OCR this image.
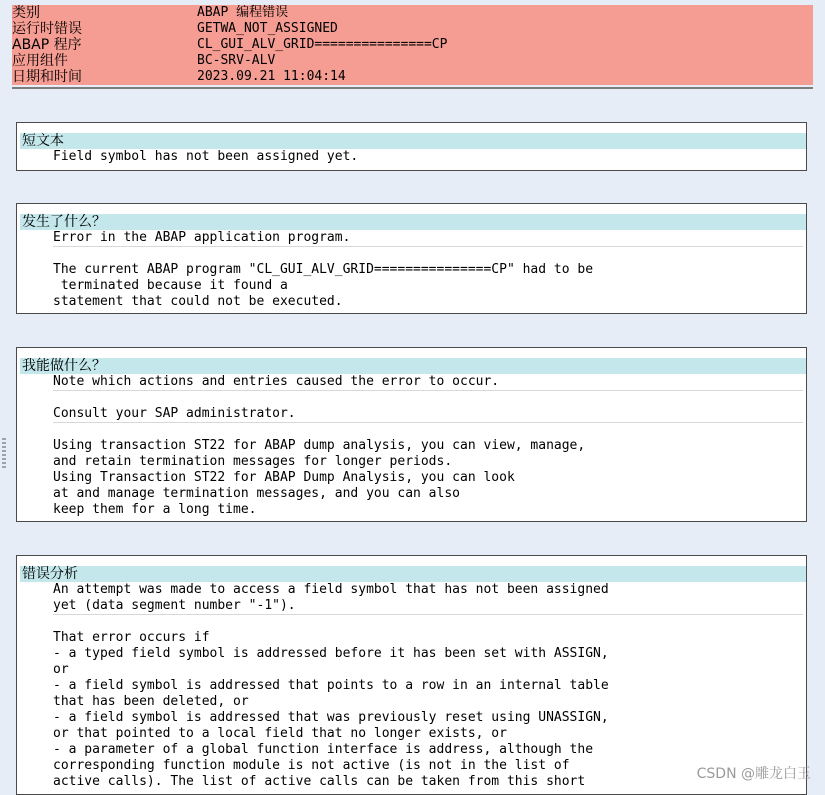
类别

	ABAP 编程错误

运行时错误

	GETWA_NOT_ASSIGNED

ABAP 程序

	CL_GUI_ALV_GRID===============CP

应用组件

	BC-SRV-ALV

日期和时间

	2023.09.21 11:04:14

短文本
Field symbol has not been assigned yet.
发生了什么？
Error in the ABAP application program.
The current ABAP program "CL_GUI_ALV_GRID===============CP" had to be
terminated because it found a
statement that could not be executed.
我能做什么？
Note which actions and entries caused the error to occur.
Consult your SAP administrator.
Using transaction ST22 for ABAP dump analysis, you can view, manage,
and retain termination messages for longer periods.
Using Transaction ST22 for ABAP Dump Analysis, you can look
at and manage termination messages, and you can also
keep them for a long time.
错误分析
An attempt was made to access a field symbol that has not been assigned
yet (data segment number "-1").
That error occurs if
- a typed field symbol is addressed before it has been set with ASSIGN,
or
- a field symbol is addressed that points to a row in an internal table
that has been deleted, or
- a field symbol is addressed that was previously reset using UNASSIGN,
or that pointed to a local field that no longer exists, or
- a parameter of a global function interface is address, although the
corresponding function module is not active (is not in the list of
active calls). The list of active calls can be taken from this short	CSDN @雕龙白玉
